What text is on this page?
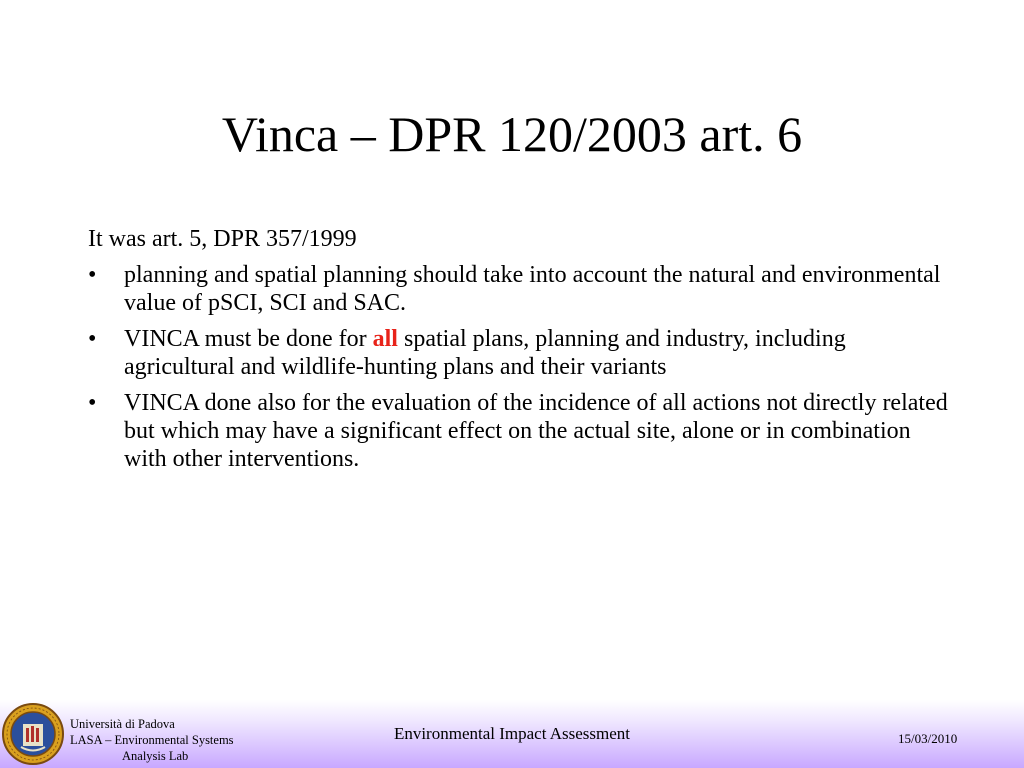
Vinca – DPR 120/2003 art. 6

It was art. 5, DPR 357/1999

• planning and spatial planning should take into account the natural and environmental value of pSCI, SCI and SAC.
• VINCA must be done for all spatial plans, planning and industry, including agricultural and wildlife-hunting plans and their variants
• VINCA done also for the evaluation of the incidence of all actions not directly related but which may have a significant effect on the actual site, alone or in combination with other interventions.
Università di Padova
LASA – Environmental Systems
Analysis Lab
Environmental Impact Assessment	15/03/2010
